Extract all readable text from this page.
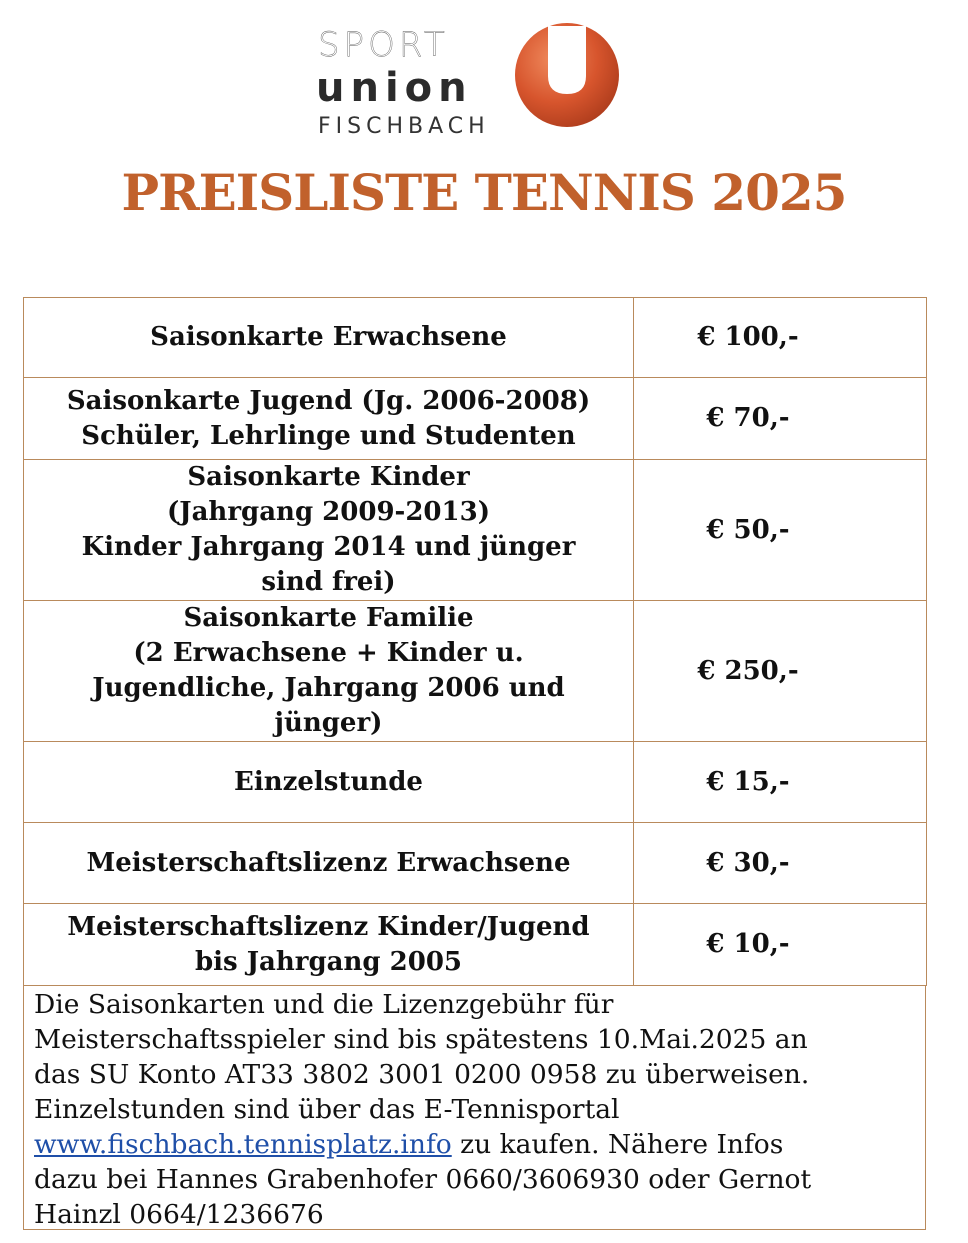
SPORT
union
FISCHBACH
PREISLISTE TENNIS 2025
Saisonkarte Erwachsene	€ 100,-
Saisonkarte Jugend (Jg. 2006-2008)
Schüler, Lehrlinge und Studenten	€ 70,-
Saisonkarte Kinder
(Jahrgang 2009-2013)
Kinder Jahrgang 2014 und jünger
sind frei)	€ 50,-
Saisonkarte Familie
(2 Erwachsene + Kinder u.
Jugendliche, Jahrgang 2006 und
jünger)	€ 250,-
Einzelstunde	€ 15,-
Meisterschaftslizenz Erwachsene	€ 30,-
Meisterschaftslizenz Kinder/Jugend
bis Jahrgang 2005	€ 10,-
Die Saisonkarten und die Lizenzgebühr für
Meisterschaftsspieler sind bis spätestens 10.Mai.2025 an
das SU Konto AT33 3802 3001 0200 0958 zu überweisen.
Einzelstunden sind über das E-Tennisportal
www.fischbach.tennisplatz.info zu kaufen. Nähere Infos
dazu bei Hannes Grabenhofer 0660/3606930 oder Gernot
Hainzl 0664/1236676
